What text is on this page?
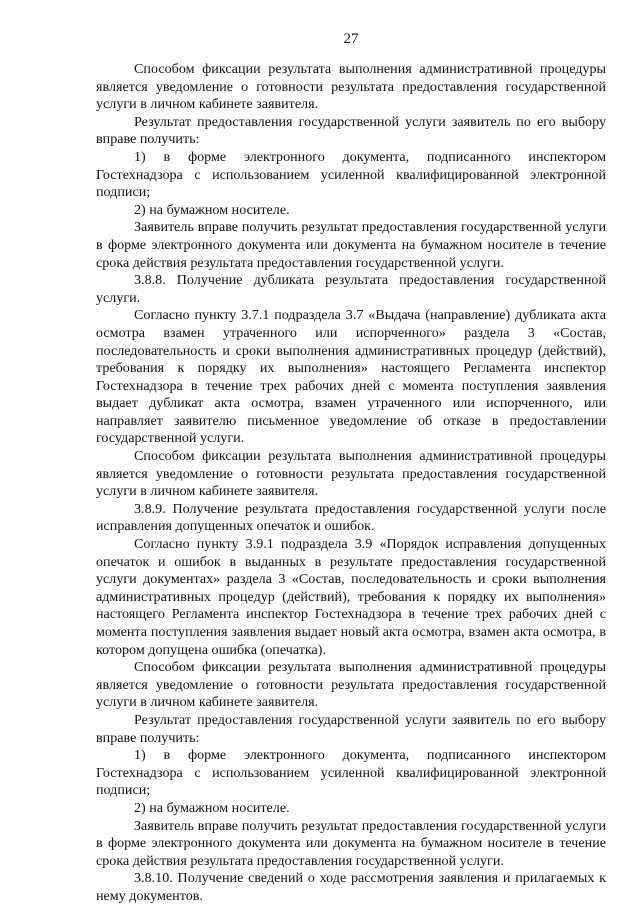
27

Способом фиксации результата выполнения административной процедуры является уведомление о готовности результата предоставления государственной услуги в личном кабинете заявителя.

Результат предоставления государственной услуги заявитель по его выбору вправе получить:

1) в форме электронного документа, подписанного инспектором Гостехнадзора с использованием усиленной квалифицированной электронной подписи;

2) на бумажном носителе.

Заявитель вправе получить результат предоставления государственной услуги в форме электронного документа или документа на бумажном носителе в течение срока действия результата предоставления государственной услуги.

3.8.8. Получение дубликата результата предоставления государственной услуги.

Согласно пункту 3.7.1 подраздела 3.7 «Выдача (направление) дубликата акта осмотра взамен утраченного или испорченного» раздела 3 «Состав, последовательность и сроки выполнения административных процедур (действий), требования к порядку их выполнения» настоящего Регламента инспектор Гостехнадзора в течение трех рабочих дней с момента поступления заявления выдает дубликат акта осмотра, взамен утраченного или испорченного, или направляет заявителю письменное уведомление об отказе в предоставлении государственной услуги.

Способом фиксации результата выполнения административной процедуры является уведомление о готовности результата предоставления государственной услуги в личном кабинете заявителя.

3.8.9. Получение результата предоставления государственной услуги после исправления допущенных опечаток и ошибок.

Согласно пункту 3.9.1 подраздела 3.9 «Порядок исправления допущенных опечаток и ошибок в выданных в результате предоставления государственной услуги документах» раздела 3 «Состав, последовательность и сроки выполнения административных процедур (действий), требования к порядку их выполнения» настоящего Регламента инспектор Гостехнадзора в течение трех рабочих дней с момента поступления заявления выдает новый акта осмотра, взамен акта осмотра, в котором допущена ошибка (опечатка).

Способом фиксации результата выполнения административной процедуры является уведомление о готовности результата предоставления государственной услуги в личном кабинете заявителя.

Результат предоставления государственной услуги заявитель по его выбору вправе получить:

1) в форме электронного документа, подписанного инспектором Гостехнадзора с использованием усиленной квалифицированной электронной подписи;

2) на бумажном носителе.

Заявитель вправе получить результат предоставления государственной услуги в форме электронного документа или документа на бумажном носителе в течение срока действия результата предоставления государственной услуги.

3.8.10. Получение сведений о ходе рассмотрения заявления и прилагаемых к нему документов.
